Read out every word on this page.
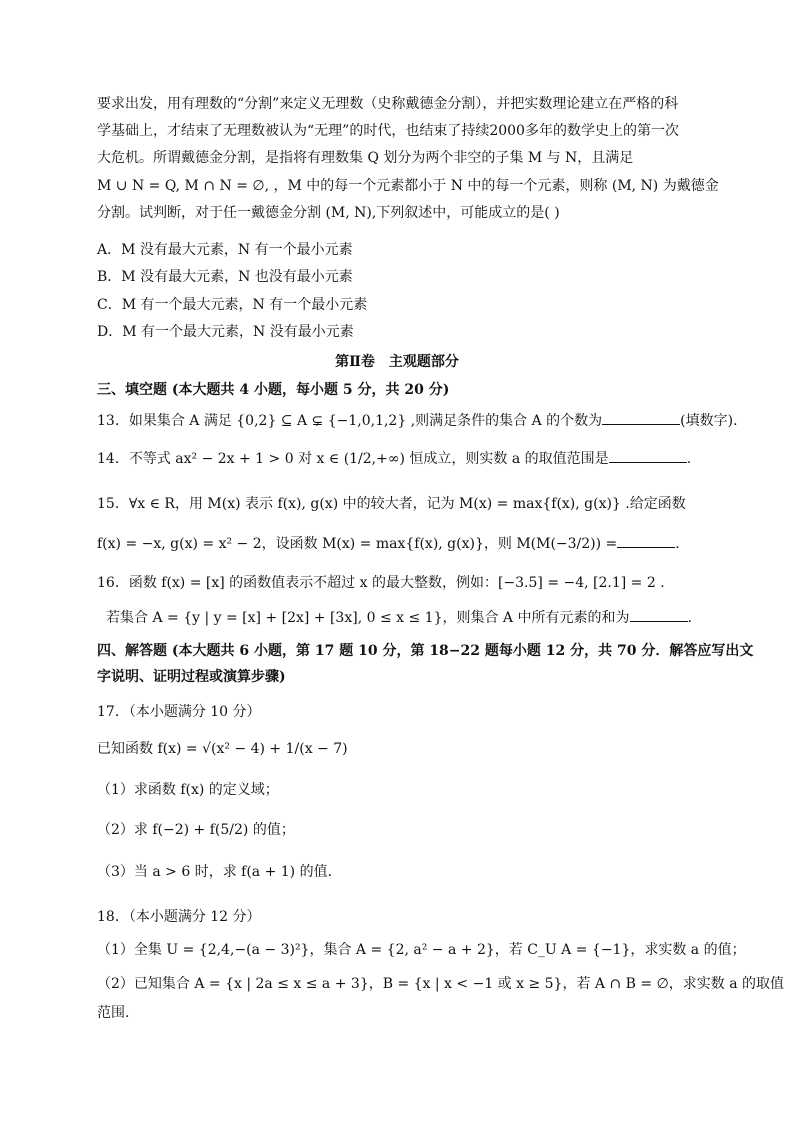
要求出发，用有理数的“分割”来定义无理数（史称戴德金分割），并把实数理论建立在严格的科
学基础上，才结束了无理数被认为“无理”的时代，也结束了持续2000多年的数学史上的第一次
大危机。所谓戴德金分割，是指将有理数集 Q 划分为两个非空的子集 M 与 N，且满足
M ∪ N = Q, M ∩ N = ∅, ，M 中的每一个元素都小于 N 中的每一个元素，则称 (M, N) 为戴德金
分割。试判断，对于任一戴德金分割 (M, N),下列叙述中，可能成立的是( )
A．M 没有最大元素，N 有一个最小元素
B．M 没有最大元素，N 也没有最小元素
C．M 有一个最大元素，N 有一个最小元素
D．M 有一个最大元素，N 没有最小元素
第Ⅱ卷　主观题部分
三、填空题 (本大题共 4 小题，每小题 5 分，共 20 分)
13．如果集合 A 满足 {0,2} ⊆ A ⊊ {−1,0,1,2} ,则满足条件的集合 A 的个数为	(填数字).
14．不等式 ax² − 2x + 1 > 0 对 x ∈ (1/2,+∞) 恒成立，则实数 a 的取值范围是	.
15．∀x ∈ R，用 M(x) 表示 f(x), g(x) 中的较大者，记为 M(x) = max{f(x), g(x)} .给定函数
f(x) = −x, g(x) = x² − 2，设函数 M(x) = max{f(x), g(x)}，则 M(M(−3/2)) =	.
16．函数 f(x) = [x] 的函数值表示不超过 x 的最大整数，例如：[−3.5] = −4, [2.1] = 2 .
若集合 A = {y | y = [x] + [2x] + [3x], 0 ≤ x ≤ 1}，则集合 A 中所有元素的和为	.
四、解答题 (本大题共 6 小题，第 17 题 10 分，第 18−22 题每小题 12 分，共 70 分．解答应写出文
字说明、证明过程或演算步骤)
17．（本小题满分 10 分）
已知函数 f(x) = √(x² − 4) + 1/(x − 7)
（1）求函数 f(x) 的定义域；
（2）求 f(−2) + f(5/2) 的值；
（3）当 a > 6 时，求 f(a + 1) 的值．
18．（本小题满分 12 分）
（1）全集 U = {2,4,−(a − 3)²}，集合 A = {2, a² − a + 2}，若 C_U A = {−1}，求实数 a 的值；
（2）已知集合 A = {x | 2a ≤ x ≤ a + 3}，B = {x | x < −1 或 x ≥ 5}，若 A ∩ B = ∅，求实数 a 的取值
范围.
